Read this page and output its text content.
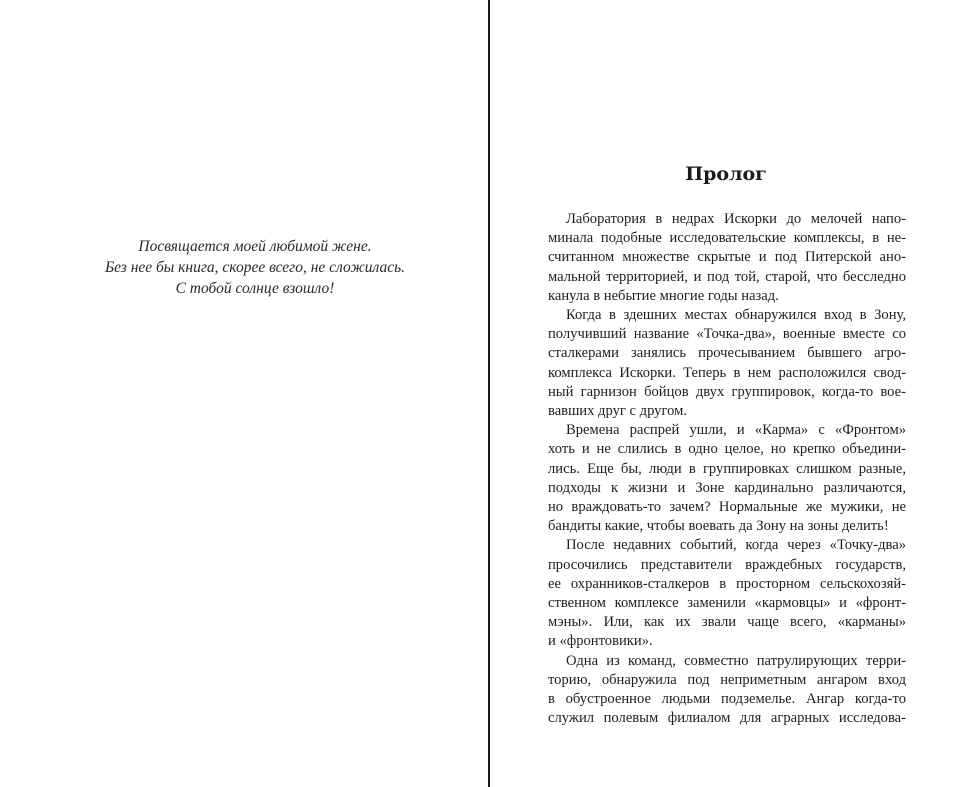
Посвящается моей любимой жене.
Без нее бы книга, скорее всего, не сложилась.
С тобой солнце взошло!
Пролог
Лаборатория в недрах Искорки до мелочей напо-
минала подобные исследовательские комплексы, в не-
считанном множестве скрытые и под Питерской ано-
мальной территорией, и под той, старой, что бесследно
канула в небытие многие годы назад.
Когда в здешних местах обнаружился вход в Зону,
получивший название «Точка-два», военные вместе со
сталкерами занялись прочесыванием бывшего агро-
комплекса Искорки. Теперь в нем расположился свод-
ный гарнизон бойцов двух группировок, когда-то вое-
вавших друг с другом.
Времена распрей ушли, и «Карма» с «Фронтом»
хоть и не слились в одно целое, но крепко объедини-
лись. Еще бы, люди в группировках слишком разные,
подходы к жизни и Зоне кардинально различаются,
но враждовать-то зачем? Нормальные же мужики, не
бандиты какие, чтобы воевать да Зону на зоны делить!
После недавних событий, когда через «Точку-два»
просочились представители враждебных государств,
ее охранников-сталкеров в просторном сельскохозяй-
ственном комплексе заменили «кармовцы» и «фронт-
мэны». Или, как их звали чаще всего, «карманы»
и «фронтовики».
Одна из команд, совместно патрулирующих терри-
торию, обнаружила под неприметным ангаром вход
в обустроенное людьми подземелье. Ангар когда-то
служил полевым филиалом для аграрных исследова-
